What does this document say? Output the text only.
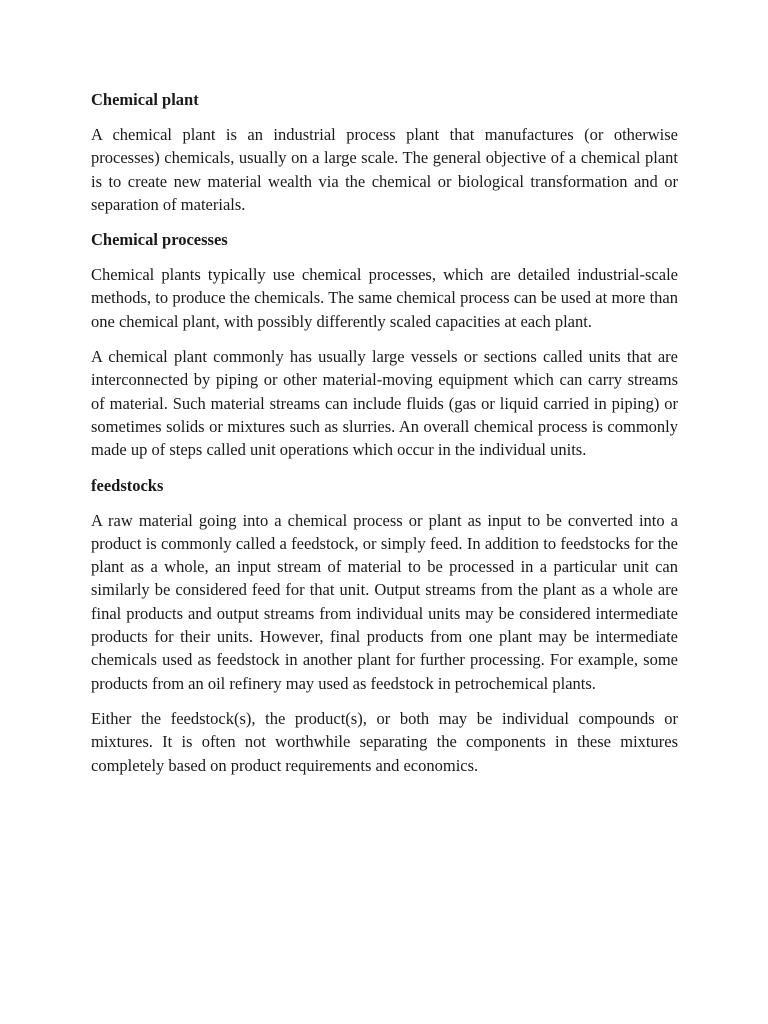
Chemical plant

A chemical plant is an industrial process plant that manufactures (or otherwise processes) chemicals, usually on a large scale. The general objective of a chemical plant is to create new material wealth via the chemical or biological transformation and or separation of materials.

Chemical processes

Chemical plants typically use chemical processes, which are detailed industrial-scale methods, to produce the chemicals. The same chemical process can be used at more than one chemical plant, with possibly differently scaled capacities at each plant.

A chemical plant commonly has usually large vessels or sections called units that are interconnected by piping or other material-moving equipment which can carry streams of material. Such material streams can include fluids (gas or liquid carried in piping) or sometimes solids or mixtures such as slurries. An overall chemical process is commonly made up of steps called unit operations which occur in the individual units.

feedstocks

A raw material going into a chemical process or plant as input to be converted into a product is commonly called a feedstock, or simply feed. In addition to feedstocks for the plant as a whole, an input stream of material to be processed in a particular unit can similarly be considered feed for that unit. Output streams from the plant as a whole are final products and output streams from individual units may be considered intermediate products for their units. However, final products from one plant may be intermediate chemicals used as feedstock in another plant for further processing. For example, some products from an oil refinery may used as feedstock in petrochemical plants.

Either the feedstock(s), the product(s), or both may be individual compounds or mixtures. It is often not worthwhile separating the components in these mixtures completely based on product requirements and economics.
